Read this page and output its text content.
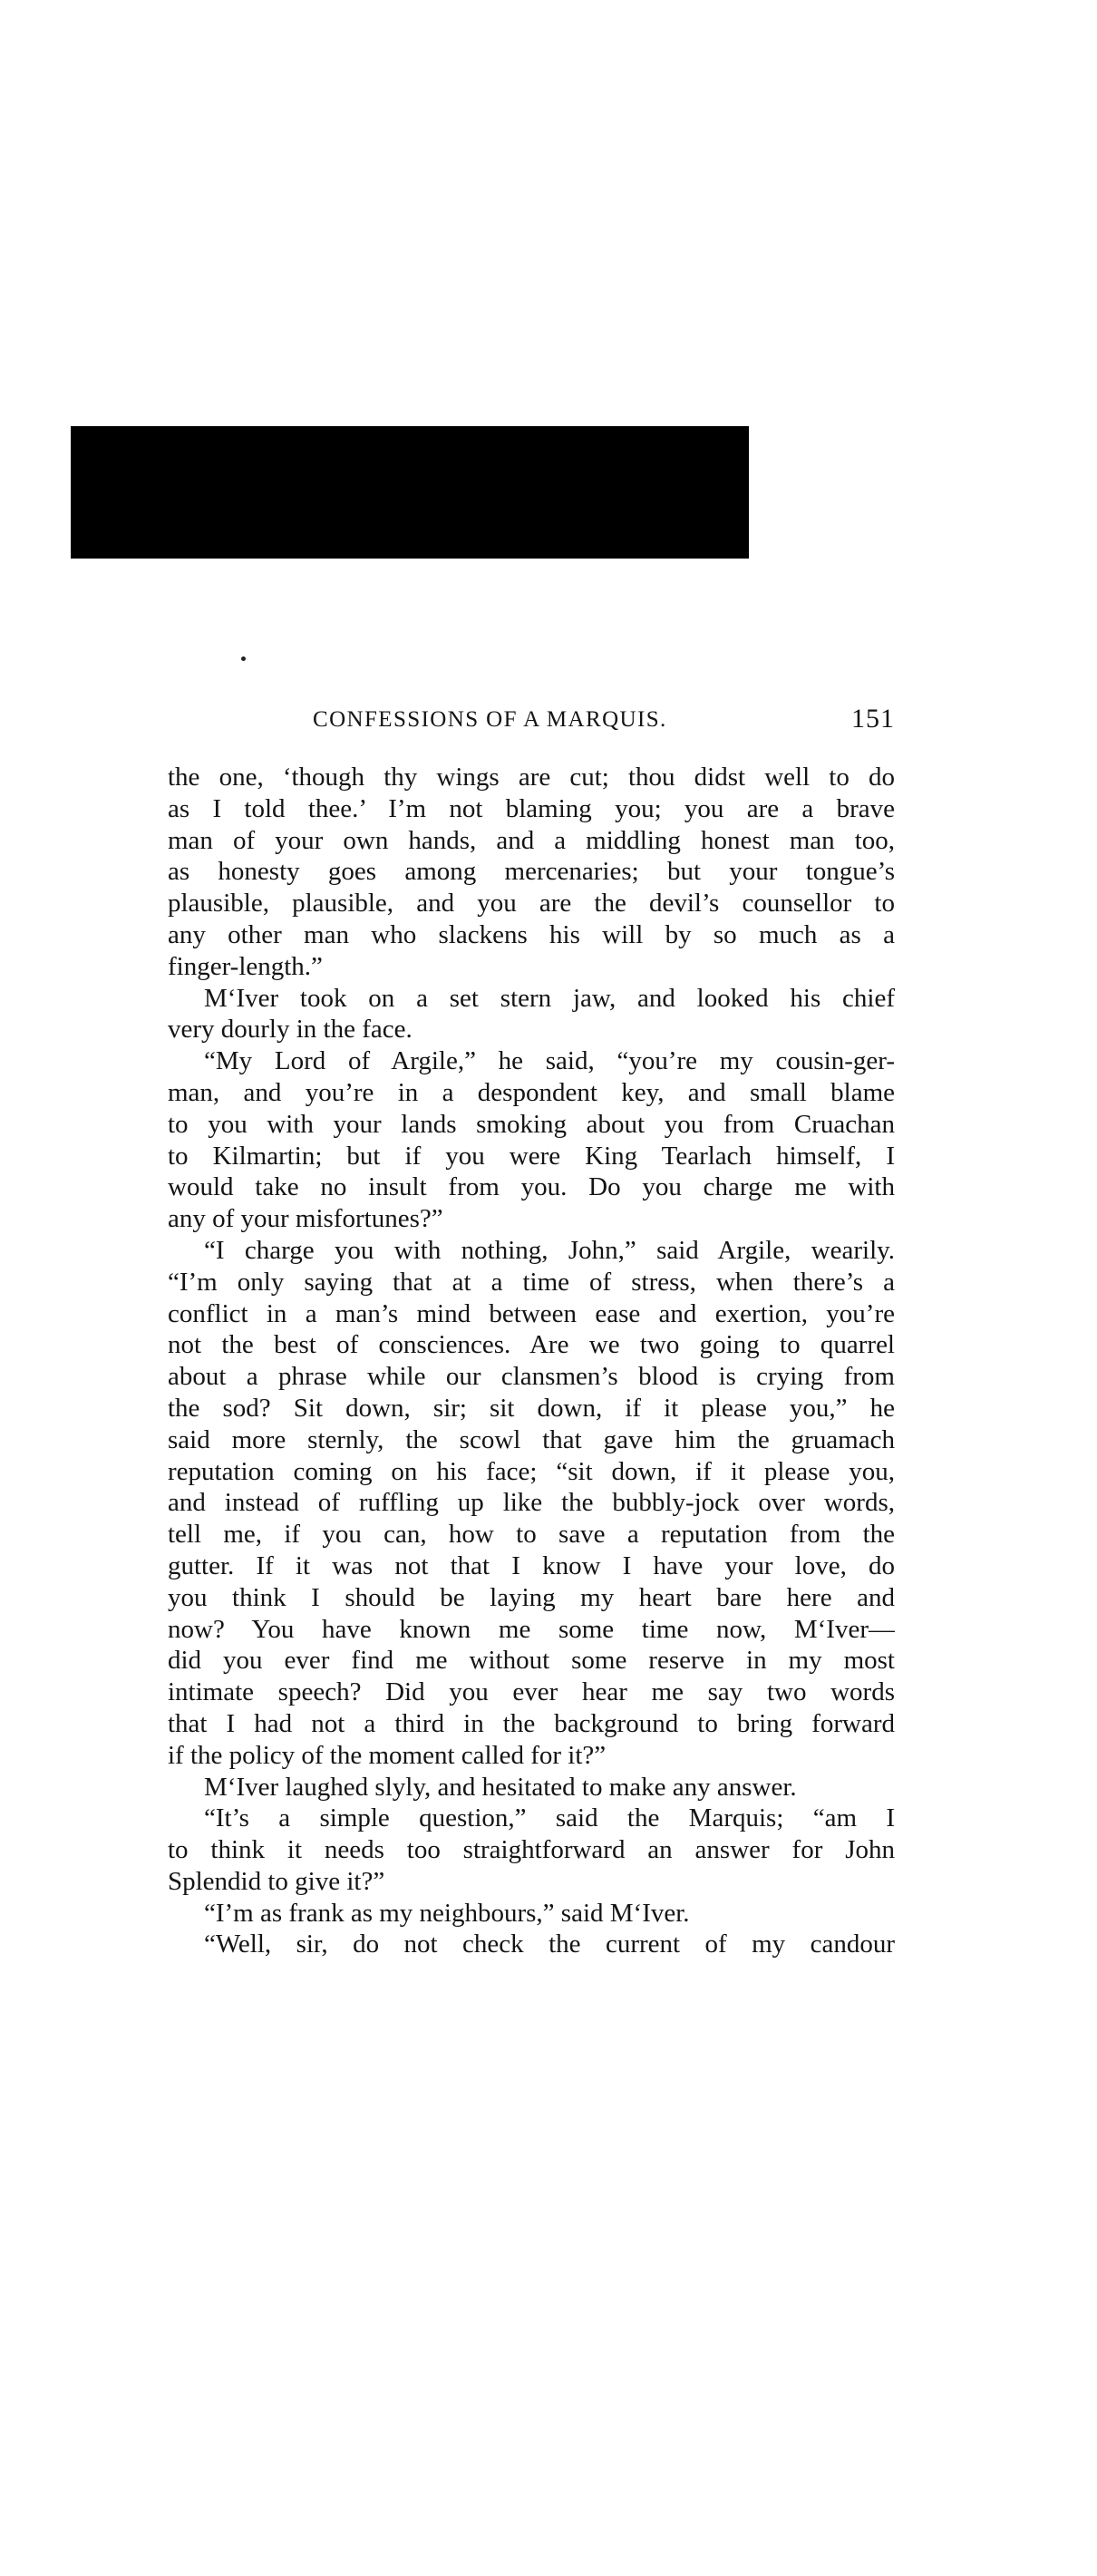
CONFESSIONS OF A MARQUIS.	151
the one, ‘though thy wings are cut; thou didst well to do
as I told thee.’ I’m not blaming you; you are a brave
man of your own hands, and a middling honest man too,
as honesty goes among mercenaries; but your tongue’s
plausible, plausible, and you are the devil’s counsellor to
any other man who slackens his will by so much as a
finger-length.”
M‘Iver took on a set stern jaw, and looked his chief
very dourly in the face.
“My Lord of Argile,” he said, “you’re my cousin-ger-
man, and you’re in a despondent key, and small blame
to you with your lands smoking about you from Cruachan
to Kilmartin; but if you were King Tearlach himself, I
would take no insult from you. Do you charge me with
any of your misfortunes?”
“I charge you with nothing, John,” said Argile, wearily.
“I’m only saying that at a time of stress, when there’s a
conflict in a man’s mind between ease and exertion, you’re
not the best of consciences. Are we two going to quarrel
about a phrase while our clansmen’s blood is crying from
the sod? Sit down, sir; sit down, if it please you,” he
said more sternly, the scowl that gave him the gruamach
reputation coming on his face; “sit down, if it please you,
and instead of ruffling up like the bubbly-jock over words,
tell me, if you can, how to save a reputation from the
gutter. If it was not that I know I have your love, do
you think I should be laying my heart bare here and
now? You have known me some time now, M‘Iver—
did you ever find me without some reserve in my most
intimate speech? Did you ever hear me say two words
that I had not a third in the background to bring forward
if the policy of the moment called for it?”
M‘Iver laughed slyly, and hesitated to make any answer.
“It’s a simple question,” said the Marquis; “am I
to think it needs too straightforward an answer for John
Splendid to give it?”
“I’m as frank as my neighbours,” said M‘Iver.
“Well, sir, do not check the current of my candour
